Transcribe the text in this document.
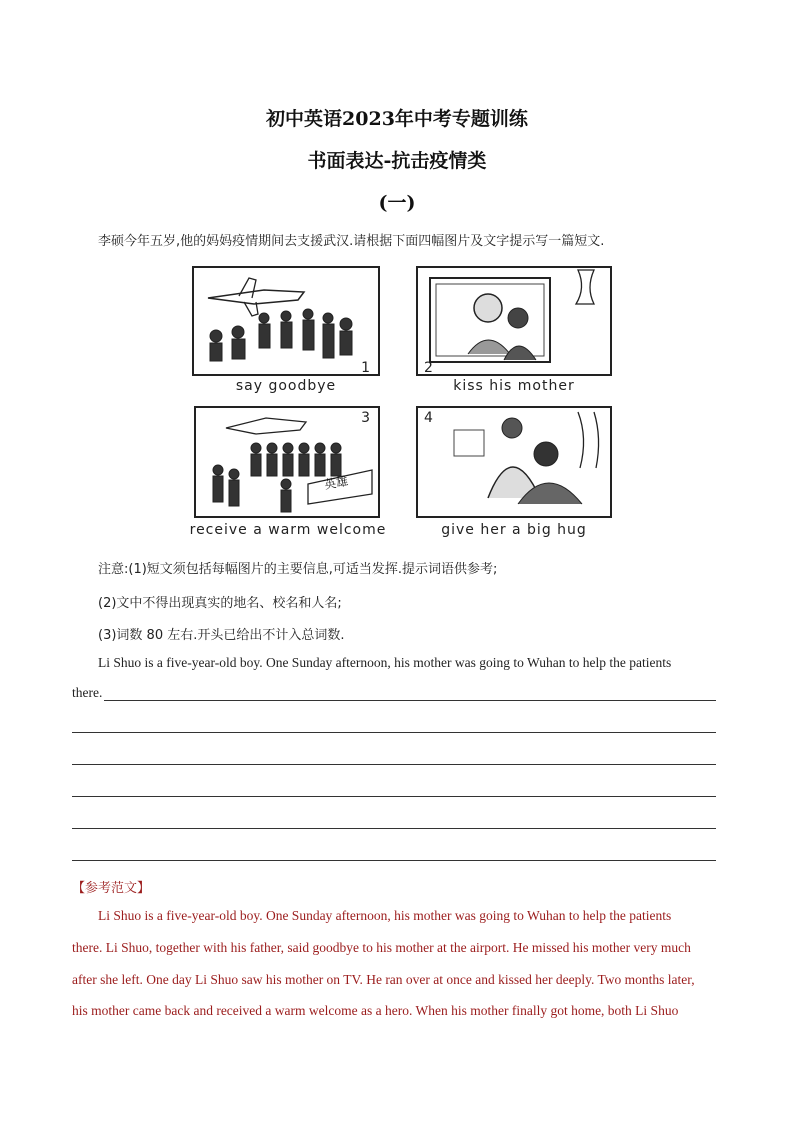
初中英语2023年中考专题训练
书面表达-抗击疫情类
(一)
李硕今年五岁,他的妈妈疫情期间去支援武汉.请根据下面四幅图片及文字提示写一篇短文.
1
say goodbye
2
kiss his mother
英雄
3
receive a warm welcome
4
give her a big hug
注意:(1)短文须包括每幅图片的主要信息,可适当发挥.提示词语供参考;
(2)文中不得出现真实的地名、校名和人名;
(3)词数 80 左右.开头已给出不计入总词数.
Li Shuo is a five-year-old boy. One Sunday afternoon, his mother was going to Wuhan to help the patients
there.
【参考范文】
Li Shuo is a five-year-old boy. One Sunday afternoon, his mother was going to Wuhan to help the patients
there. Li Shuo, together with his father, said goodbye to his mother at the airport. He missed his mother very much
after she left. One day Li Shuo saw his mother on TV. He ran over at once and kissed her deeply. Two months later,
his mother came back and received a warm welcome as a hero. When his mother finally got home, both Li Shuo
